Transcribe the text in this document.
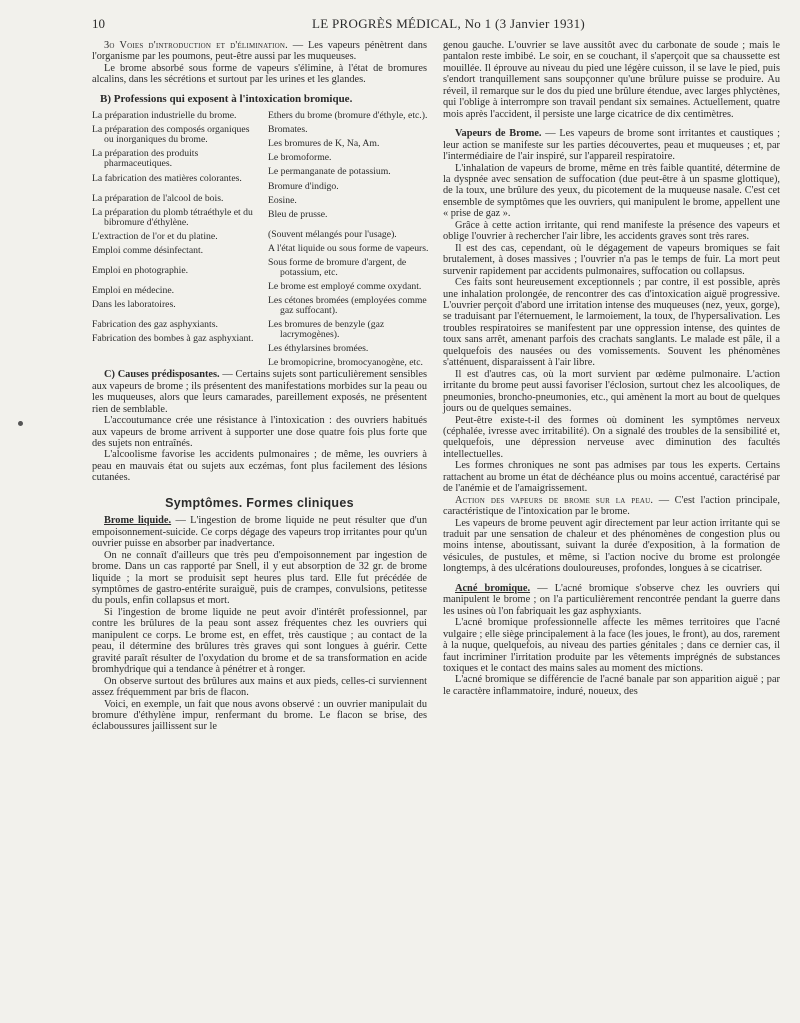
10	LE PROGRÈS MÉDICAL, No 1 (3 Janvier 1931)

3o Voies d'introduction et d'élimination. — Les vapeurs pénètrent dans l'organisme par les poumons, peut-être aussi par les muqueuses.

Le brome absorbé sous forme de vapeurs s'élimine, à l'état de bromures alcalins, dans les sécrétions et surtout par les urines et les glandes.

B) Professions qui exposent à l'intoxication bromique.

La préparation industrielle du brome.

La préparation des composés organiques ou inorganiques du brome.

La préparation des produits pharmaceutiques.

La fabrication des matières colorantes.

La préparation de l'alcool de bois.

La préparation du plomb tétraéthyle et du bibromure d'éthylène.

L'extraction de l'or et du platine.

Emploi comme désinfectant.

Emploi en photographie.

Emploi en médecine.

Dans les laboratoires.

Fabrication des gaz asphyxiants.

Fabrication des bombes à gaz asphyxiant.

Ethers du brome (bromure d'éthyle, etc.).

Bromates.

Les bromures de K, Na, Am.

Le bromoforme.

Le permanganate de potassium.

Bromure d'indigo.

Eosine.

Bleu de prusse.

(Souvent mélangés pour l'usage).

A l'état liquide ou sous forme de vapeurs.

Sous forme de bromure d'argent, de potassium, etc.

Le brome est employé comme oxydant.

Les cétones bromées (employées comme gaz suffocant).

Les bromures de benzyle (gaz lacrymogènes).

Les éthylarsines bromées.

Le bromopicrine, bromocyanogène, etc.

C) Causes prédisposantes. — Certains sujets sont particulièrement sensibles aux vapeurs de brome ; ils présentent des manifestations morbides sur la peau ou les muqueuses, alors que leurs camarades, pareillement exposés, ne présentent rien de semblable.

L'accoutumance crée une résistance à l'intoxication : des ouvriers habitués aux vapeurs de brome arrivent à supporter une dose quatre fois plus forte que des sujets non entraînés.

L'alcoolisme favorise les accidents pulmonaires ; de même, les ouvriers à peau en mauvais état ou sujets aux eczémas, font plus facilement des lésions cutanées.

Symptômes. Formes cliniques

Brome liquide. — L'ingestion de brome liquide ne peut résulter que d'un empoisonnement-suicide. Ce corps dégage des vapeurs trop irritantes pour qu'un ouvrier puisse en absorber par inadvertance.

On ne connaît d'ailleurs que très peu d'empoisonnement par ingestion de brome. Dans un cas rapporté par Snell, il y eut absorption de 32 gr. de brome liquide ; la mort se produisit sept heures plus tard. Elle fut précédée de symptômes de gastro-entérite suraiguë, puis de crampes, convulsions, petitesse du pouls, enfin collapsus et mort.

Si l'ingestion de brome liquide ne peut avoir d'intérêt professionnel, par contre les brûlures de la peau sont assez fréquentes chez les ouvriers qui manipulent ce corps. Le brome est, en effet, très caustique ; au contact de la peau, il détermine des brûlures très graves qui sont longues à guérir. Cette gravité paraît résulter de l'oxydation du brome et de sa transformation en acide bromhydrique qui a tendance à pénétrer et à ronger.

On observe surtout des brûlures aux mains et aux pieds, celles-ci surviennent assez fréquemment par bris de flacon.

Voici, en exemple, un fait que nous avons observé : un ouvrier manipulait du bromure d'éthylène impur, renfermant du brome. Le flacon se brise, des éclaboussures jaillissent sur le

genou gauche. L'ouvrier se lave aussitôt avec du carbonate de soude ; mais le pantalon reste imbibé. Le soir, en se couchant, il s'aperçoit que sa chaussette est mouillée. Il éprouve au niveau du pied une légère cuisson, il se lave le pied, puis s'endort tranquillement sans soupçonner qu'une brûlure puisse se produire. Au réveil, il remarque sur le dos du pied une brûlure étendue, avec larges phlyctènes, qui l'oblige à interrompre son travail pendant six semaines. Actuellement, quatre mois après l'accident, il persiste une large cicatrice de dix centimètres.

Vapeurs de Brome. — Les vapeurs de brome sont irritantes et caustiques ; leur action se manifeste sur les parties découvertes, peau et muqueuses ; et, par l'intermédiaire de l'air inspiré, sur l'appareil respiratoire.

L'inhalation de vapeurs de brome, même en très faible quantité, détermine de la dyspnée avec sensation de suffocation (due peut-être à un spasme glottique), de la toux, une brûlure des yeux, du picotement de la muqueuse nasale. C'est cet ensemble de symptômes que les ouvriers, qui manipulent le brome, appellent une « prise de gaz ».

Grâce à cette action irritante, qui rend manifeste la présence des vapeurs et oblige l'ouvrier à rechercher l'air libre, les accidents graves sont très rares.

Il est des cas, cependant, où le dégagement de vapeurs bromiques se fait brutalement, à doses massives ; l'ouvrier n'a pas le temps de fuir. La mort peut survenir rapidement par accidents pulmonaires, suffocation ou collapsus.

Ces faits sont heureusement exceptionnels ; par contre, il est possible, après une inhalation prolongée, de rencontrer des cas d'intoxication aiguë progressive. L'ouvrier perçoit d'abord une irritation intense des muqueuses (nez, yeux, gorge), se traduisant par l'éternuement, le larmoiement, la toux, de l'hypersalivation. Les troubles respiratoires se manifestent par une oppression intense, des quintes de toux sans arrêt, amenant parfois des crachats sanglants. Le malade est pâle, il a quelquefois des nausées ou des vomissements. Souvent les phénomènes s'atténuent, disparaissent à l'air libre.

Il est d'autres cas, où la mort survient par œdème pulmonaire. L'action irritante du brome peut aussi favoriser l'éclosion, surtout chez les alcooliques, de pneumonies, broncho-pneumonies, etc., qui amènent la mort au bout de quelques jours ou de quelques semaines.

Peut-être existe-t-il des formes où dominent les symptômes nerveux (céphalée, ivresse avec irritabilité). On a signalé des troubles de la sensibilité et, quelquefois, une dépression nerveuse avec diminution des facultés intellectuelles.

Les formes chroniques ne sont pas admises par tous les experts. Certains rattachent au brome un état de déchéance plus ou moins accentué, caractérisé par de l'anémie et de l'amaigrissement.

Action des vapeurs de brome sur la peau. — C'est l'action principale, caractéristique de l'intoxication par le brome.

Les vapeurs de brome peuvent agir directement par leur action irritante qui se traduit par une sensation de chaleur et des phénomènes de congestion plus ou moins intense, aboutissant, suivant la durée d'exposition, à la formation de vésicules, de pustules, et même, si l'action nocive du brome est prolongée longtemps, à des ulcérations douloureuses, profondes, longues à se cicatriser.

Acné bromique. — L'acné bromique s'observe chez les ouvriers qui manipulent le brome ; on l'a particulièrement rencontrée pendant la guerre dans les usines où l'on fabriquait les gaz asphyxiants.

L'acné bromique professionnelle affecte les mêmes territoires que l'acné vulgaire ; elle siège principalement à la face (les joues, le front), au dos, rarement à la nuque, quelquefois, au niveau des parties génitales ; dans ce dernier cas, il faut incriminer l'irritation produite par les vêtements imprégnés de substances toxiques et le contact des mains sales au moment des mictions.

L'acné bromique se différencie de l'acné banale par son apparition aiguë ; par le caractère inflammatoire, induré, noueux, des
